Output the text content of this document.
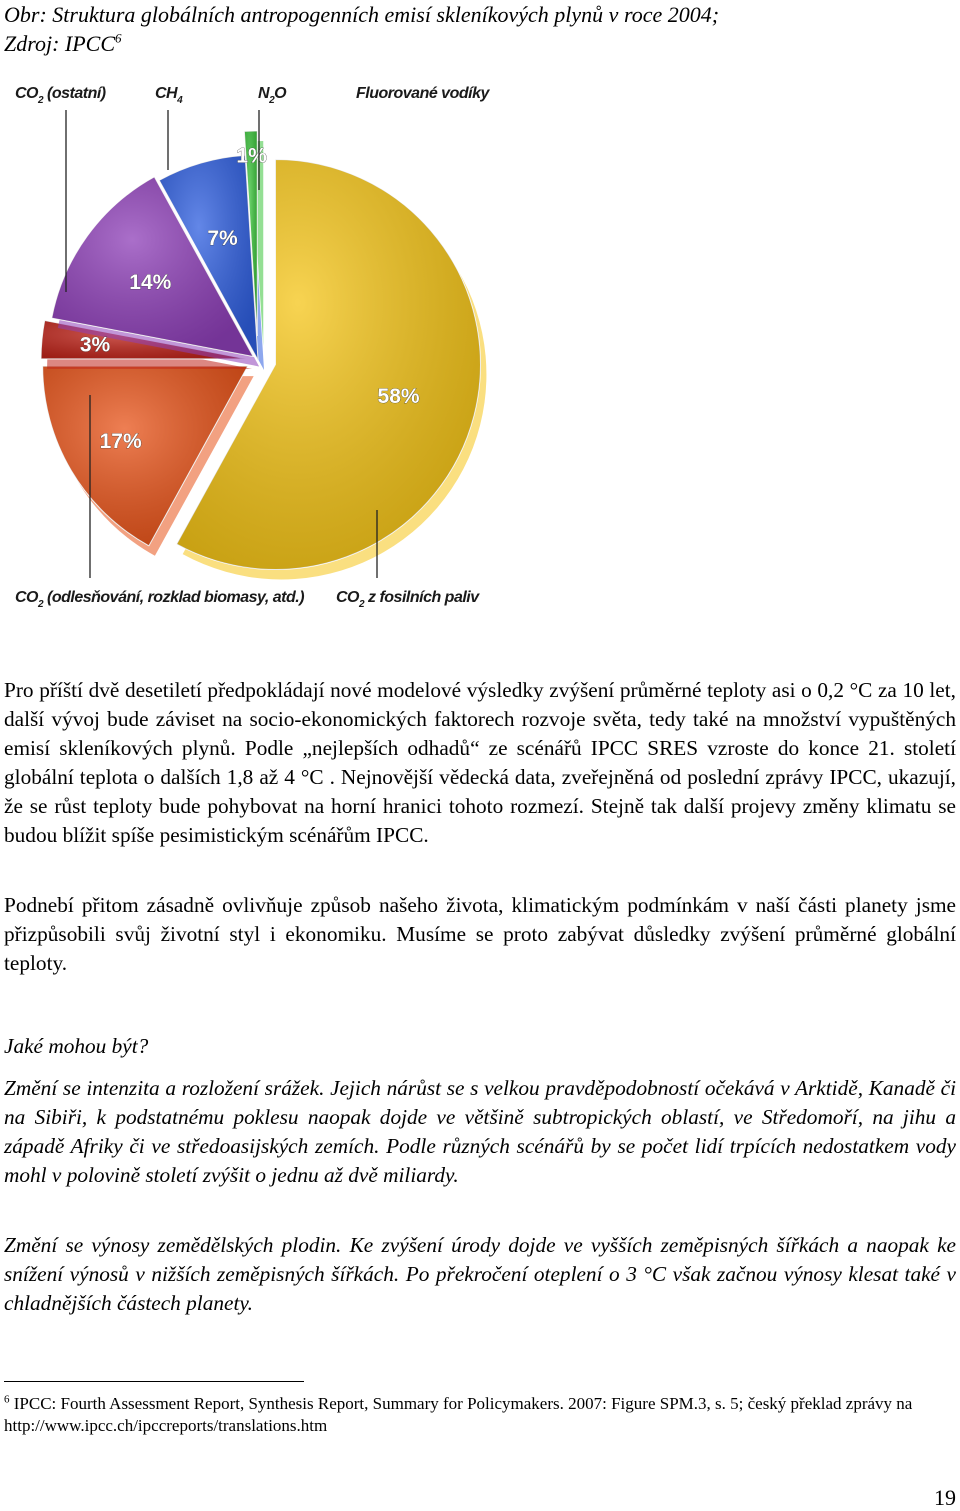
Obr: Struktura globálních antropogenních emisí skleníkových plynů v roce 2004;
Zdroj: IPCC$^6$
58%
17%
3%
14%
7%
1%
$CO_2$ (ostatní)	$CH_4$	$N_2O$	Fluorované vodíky
$CO_2$ (odlesňování, rozklad biomasy, atd.) $CO_2$ z fosilních paliv

Pro příští dvě desetiletí předpokládají nové modelové výsledky zvýšení průměrné teploty asi o 0,2 °C za 10 let, další vývoj bude záviset na socio-ekonomických faktorech rozvoje světa, tedy také na množství vypuštěných emisí skleníkových plynů. Podle „nejlepších odhadů“ ze scénářů IPCC SRES vzroste do konce 21. století globální teplota o dalších 1,8 až 4 °C . Nejnovější vědecká data, zveřejněná od poslední zprávy IPCC, ukazují, že se růst teploty bude pohybovat na horní hranici tohoto rozmezí. Stejně tak další projevy změny klimatu se budou blížit spíše pesimistickým scénářům IPCC.

Podnebí přitom zásadně ovlivňuje způsob našeho života, klimatickým podmínkám v naší části planety jsme přizpůsobili svůj životní styl i ekonomiku. Musíme se proto zabývat důsledky zvýšení průměrné globální teploty.

Jaké mohou být?

Změní se intenzita a rozložení srážek. Jejich nárůst se s velkou pravděpodobností očekává v Arktidě, Kanadě či na Sibiři, k podstatnému poklesu naopak dojde ve většině subtropických oblastí, ve Středomoří, na jihu a západě Afriky či ve středoasijských zemích. Podle různých scénářů by se počet lidí trpících nedostatkem vody mohl v polovině století zvýšit o jednu až dvě miliardy.

Změní se výnosy zemědělských plodin. Ke zvýšení úrody dojde ve vyšších zeměpisných šířkách a naopak ke snížení výnosů v nižších zeměpisných šířkách. Po překročení oteplení o 3 °C však začnou výnosy klesat také v chladnějších částech planety.

$^6$ IPCC: Fourth Assessment Report, Synthesis Report, Summary for Policymakers. 2007: Figure SPM.3, s. 5; český překlad zprávy na http://www.ipcc.ch/ipccreports/translations.htm
19
